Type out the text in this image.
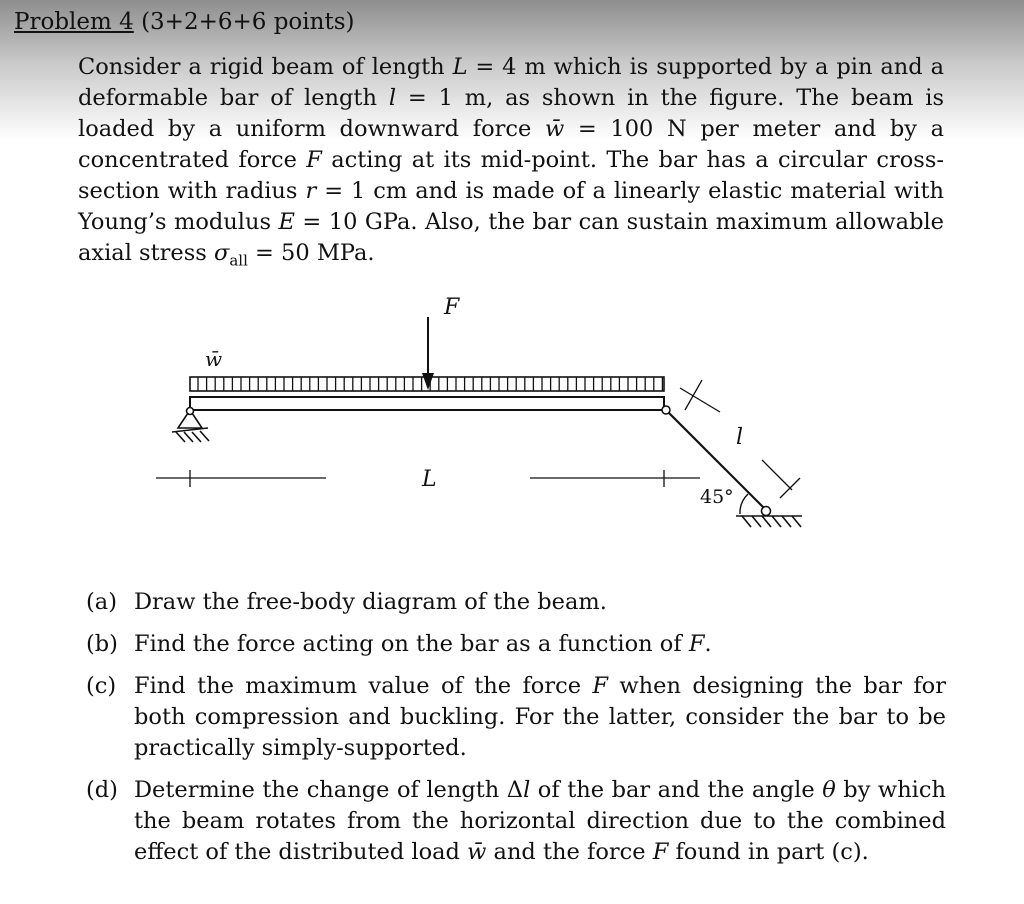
Problem 4 (3+2+6+6 points)

Consider a rigid beam of length L = 4 m which is supported by a pin and a deformable bar of length l = 1 m, as shown in the figure. The beam is loaded by a uniform downward force w̄ = 100 N per meter and by a concentrated force F acting at its mid-point. The bar has a circular cross-section with radius r = 1 cm and is made of a linearly elastic material with Young’s modulus E = 10 GPa. Also, the bar can sustain maximum allowable axial stress $\sigma_{all} = 50$ MPa.

F
w̄
45°
l
L
(a) Draw the free-body diagram of the beam.
(b) Find the force acting on the bar as a function of F.
(c) Find the maximum value of the force F when designing the bar for both compression and buckling. For the latter, consider the bar to be practically simply-supported.
(d) Determine the change of length Δl of the bar and the angle θ by which the beam rotates from the horizontal direction due to the combined effect of the distributed load w̄ and the force F found in part (c).
